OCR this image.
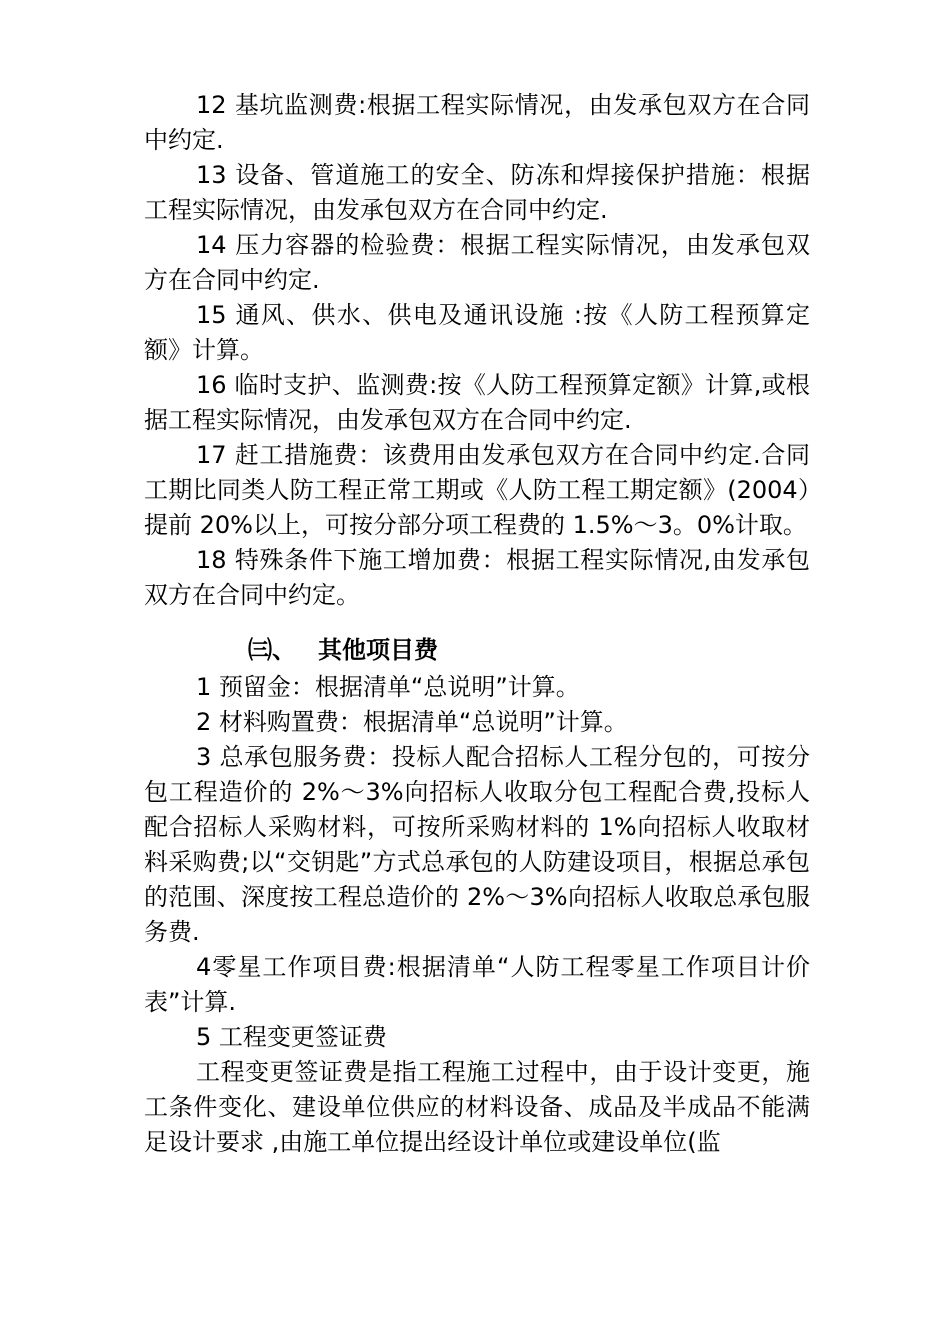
12 基坑监测费:根据工程实际情况，由发承包双方在合同中约定.

13 设备、管道施工的安全、防冻和焊接保护措施：根据工程实际情况，由发承包双方在合同中约定.

14 压力容器的检验费：根据工程实际情况，由发承包双方在合同中约定.

15 通风、供水、供电及通讯设施 :按《人防工程预算定额》计算。

16 临时支护、监测费:按《人防工程预算定额》计算,或根据工程实际情况，由发承包双方在合同中约定.

17 赶工措施费：该费用由发承包双方在合同中约定.合同工期比同类人防工程正常工期或《人防工程工期定额》(2004）提前 20%以上，可按分部分项工程费的 1.5%～3。0%计取。

18 特殊条件下施工增加费：根据工程实际情况,由发承包双方在合同中约定。

㈢、 其他项目费

1 预留金：根据清单“总说明”计算。

2 材料购置费：根据清单“总说明”计算。

3 总承包服务费：投标人配合招标人工程分包的，可按分包工程造价的 2%～3%向招标人收取分包工程配合费,投标人配合招标人采购材料，可按所采购材料的 1%向招标人收取材料采购费;以“交钥匙”方式总承包的人防建设项目，根据总承包的范围、深度按工程总造价的 2%～3%向招标人收取总承包服务费.

4零星工作项目费:根据清单“人防工程零星工作项目计价表”计算.

5 工程变更签证费

工程变更签证费是指工程施工过程中，由于设计变更，施工条件变化、建设单位供应的材料设备、成品及半成品不能满足设计要求 ,由施工单位提出经设计单位或建设单位(监
